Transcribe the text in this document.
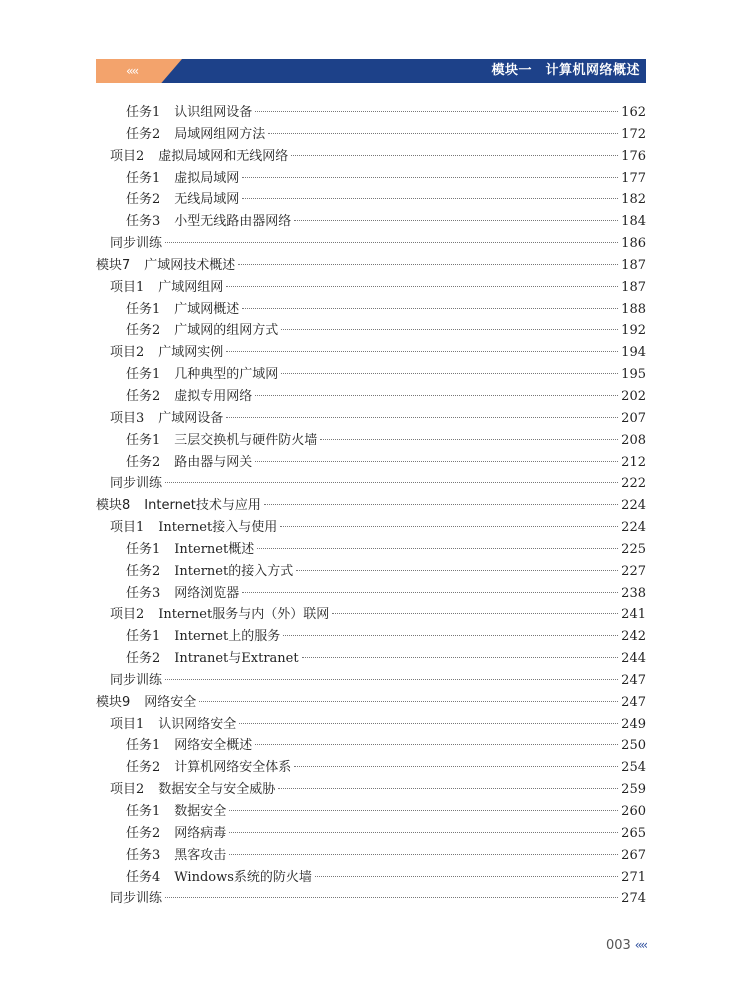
‹‹‹‹	模块一　计算机网络概述
任务1 认识组网设备	162
任务2 局域网组网方法	172
项目2 虚拟局域网和无线网络	176
任务1 虚拟局域网	177
任务2 无线局域网	182
任务3 小型无线路由器网络	184
同步训练	186
模块7 广域网技术概述	187
项目1 广域网组网	187
任务1 广域网概述	188
任务2 广域网的组网方式	192
项目2 广域网实例	194
任务1 几种典型的广域网	195
任务2 虚拟专用网络	202
项目3 广域网设备	207
任务1 三层交换机与硬件防火墙	208
任务2 路由器与网关	212
同步训练	222
模块8 Internet技术与应用	224
项目1 Internet接入与使用	224
任务1 Internet概述	225
任务2 Internet的接入方式	227
任务3 网络浏览器	238
项目2 Internet服务与内（外）联网	241
任务1 Internet上的服务	242
任务2 Intranet与Extranet	244
同步训练	247
模块9 网络安全	247
项目1 认识网络安全	249
任务1 网络安全概述	250
任务2 计算机网络安全体系	254
项目2 数据安全与安全威胁	259
任务1 数据安全	260
任务2 网络病毒	265
任务3 黑客攻击	267
任务4 Windows系统的防火墙	271
同步训练	274
003 ‹‹‹‹
